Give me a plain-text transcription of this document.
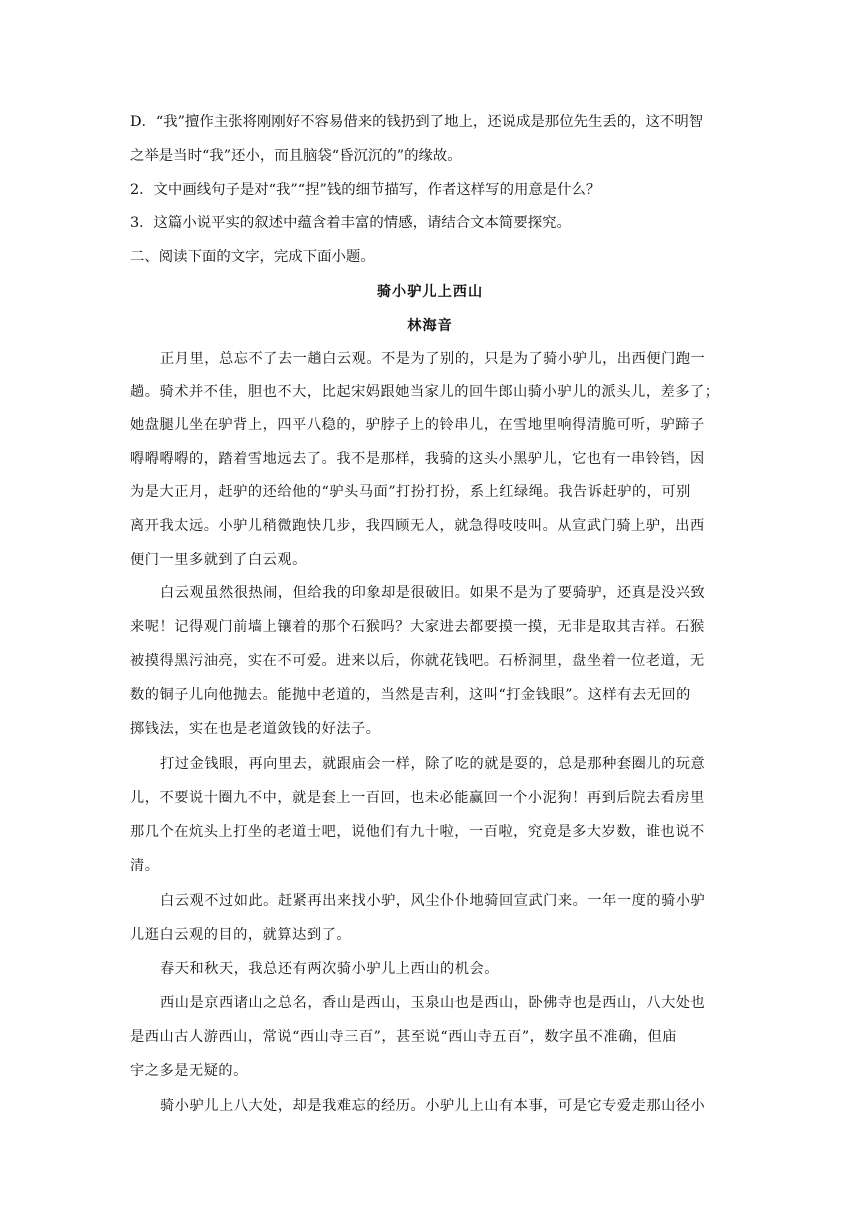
D．“我”擅作主张将刚刚好不容易借来的钱扔到了地上，还说成是那位先生丢的，这不明智
之举是当时“我”还小，而且脑袋“昏沉沉的”的缘故。
2．文中画线句子是对“我”“捏”钱的细节描写，作者这样写的用意是什么？
3．这篇小说平实的叙述中蕴含着丰富的情感，请结合文本简要探究。
二、阅读下面的文字，完成下面小题。
骑小驴儿上西山
林海音
正月里，总忘不了去一趟白云观。不是为了别的，只是为了骑小驴儿，出西便门跑一
趟。骑术并不佳，胆也不大，比起宋妈跟她当家儿的回牛郎山骑小驴儿的派头儿，差多了；
她盘腿儿坐在驴背上，四平八稳的，驴脖子上的铃串儿，在雪地里响得清脆可听，驴蹄子
嘚嘚嘚嘚的，踏着雪地远去了。我不是那样，我骑的这头小黑驴儿，它也有一串铃铛，因
为是大正月，赶驴的还给他的“驴头马面”打扮打扮，系上红绿绳。我告诉赶驴的，可别
离开我太远。小驴儿稍微跑快几步，我四顾无人，就急得吱吱叫。从宣武门骑上驴，出西
便门一里多就到了白云观。
白云观虽然很热闹，但给我的印象却是很破旧。如果不是为了要骑驴，还真是没兴致
来呢！记得观门前墙上镶着的那个石猴吗？大家进去都要摸一摸，无非是取其吉祥。石猴
被摸得黑污油亮，实在不可爱。进来以后，你就花钱吧。石桥洞里，盘坐着一位老道，无
数的铜子儿向他抛去。能抛中老道的，当然是吉利，这叫“打金钱眼”。这样有去无回的
掷钱法，实在也是老道敛钱的好法子。
打过金钱眼，再向里去，就跟庙会一样，除了吃的就是耍的，总是那种套圈儿的玩意
儿，不要说十圈九不中，就是套上一百回，也未必能赢回一个小泥狗！再到后院去看房里
那几个在炕头上打坐的老道士吧，说他们有九十啦，一百啦，究竟是多大岁数，谁也说不
清。
白云观不过如此。赶紧再出来找小驴，风尘仆仆地骑回宣武门来。一年一度的骑小驴
儿逛白云观的目的，就算达到了。
春天和秋天，我总还有两次骑小驴儿上西山的机会。
西山是京西诸山之总名，香山是西山，玉泉山也是西山，卧佛寺也是西山，八大处也
是西山古人游西山，常说“西山寺三百”，甚至说“西山寺五百”，数字虽不准确，但庙
宇之多是无疑的。
骑小驴儿上八大处，却是我难忘的经历。小驴儿上山有本事，可是它专爱走那山径小
